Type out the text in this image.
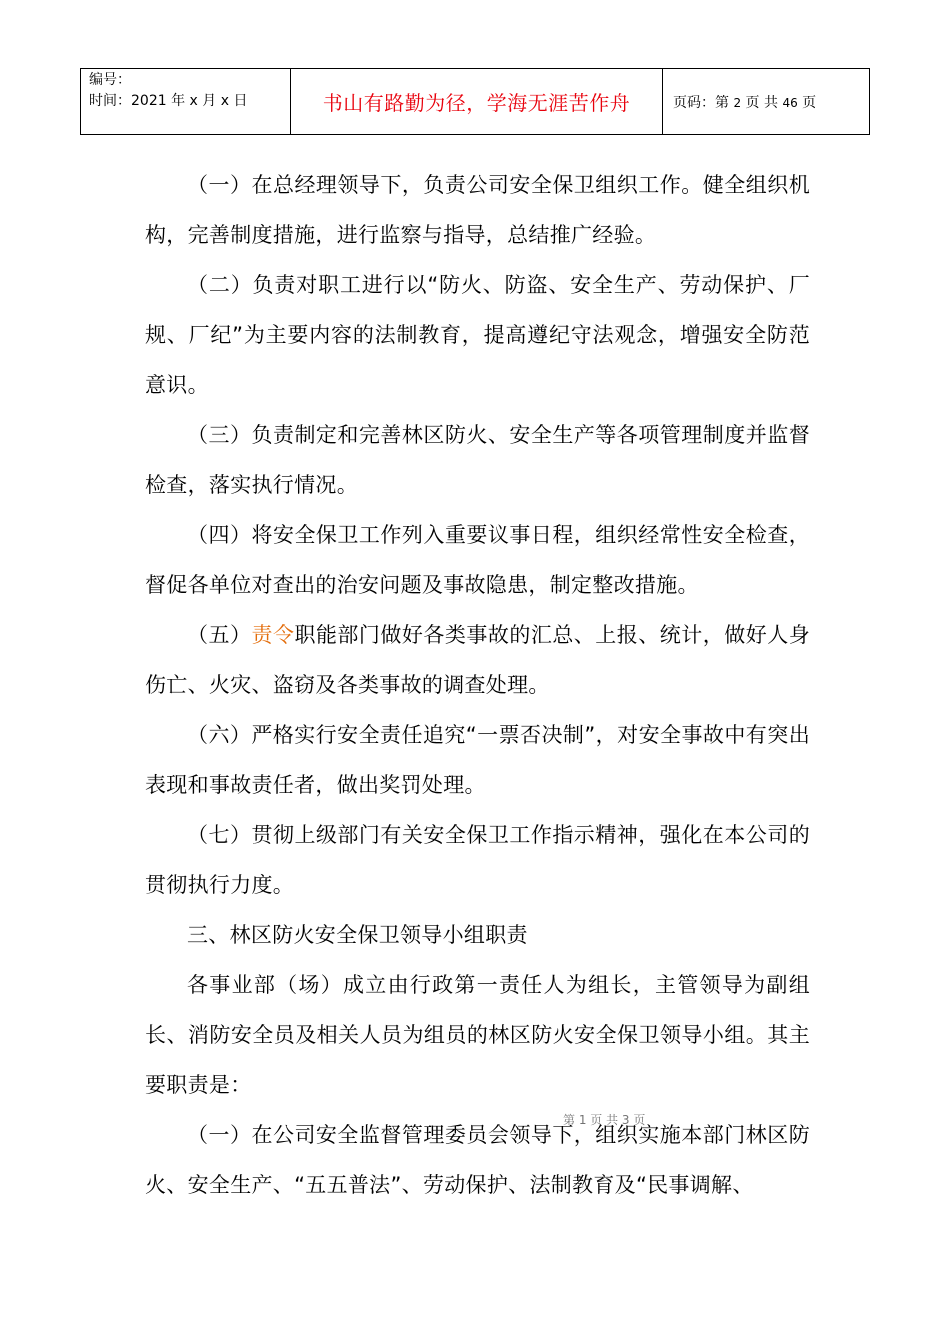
编号：
时间：2021 年 x 月 x 日	书山有路勤为径，学海无涯苦作舟	页码：第 2 页 共 46 页

（一）在总经理领导下，负责公司安全保卫组织工作。健全组织机构，完善制度措施，进行监察与指导，总结推广经验。

（二）负责对职工进行以“防火、防盗、安全生产、劳动保护、厂规、厂纪”为主要内容的法制教育，提高遵纪守法观念，增强安全防范意识。

（三）负责制定和完善林区防火、安全生产等各项管理制度并监督检查，落实执行情况。

（四）将安全保卫工作列入重要议事日程，组织经常性安全检查，督促各单位对查出的治安问题及事故隐患，制定整改措施。

（五）责令职能部门做好各类事故的汇总、上报、统计，做好人身伤亡、火灾、盗窃及各类事故的调查处理。

（六）严格实行安全责任追究“一票否决制”，对安全事故中有突出表现和事故责任者，做出奖罚处理。

（七）贯彻上级部门有关安全保卫工作指示精神，强化在本公司的贯彻执行力度。

三、林区防火安全保卫领导小组职责

各事业部（场）成立由行政第一责任人为组长，主管领导为副组长、消防安全员及相关人员为组员的林区防火安全保卫领导小组。其主要职责是：

（一）在公司安全监督管理委员会领导下，组织实施本部门林区防火、安全生产、“五五普法”、劳动保护、法制教育及“民事调解、

第 1 页 共 3 页
